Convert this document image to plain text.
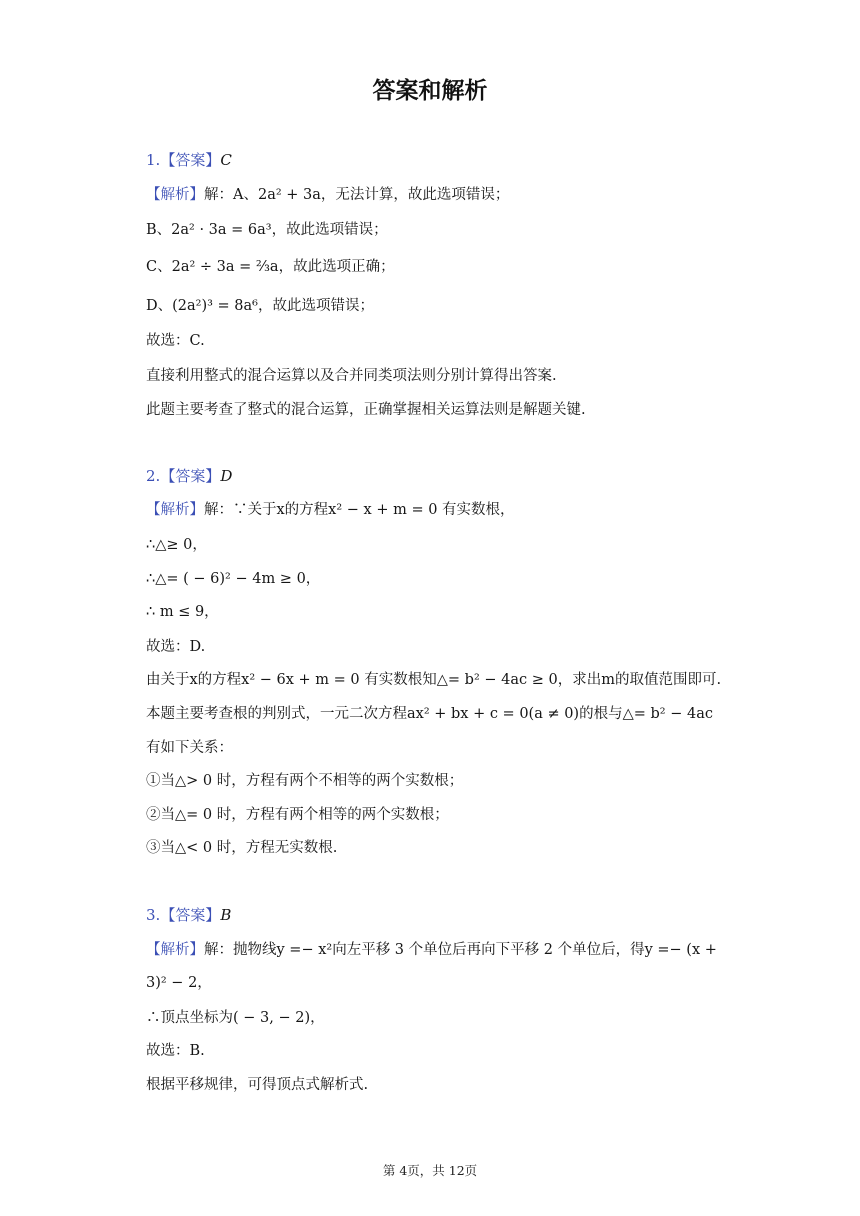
答案和解析
1.【答案】C
【解析】解：A、2a² + 3a，无法计算，故此选项错误；
B、2a² · 3a = 6a³，故此选项错误；
C、2a² ÷ 3a = ⅔a，故此选项正确；
D、(2a²)³ = 8a⁶，故此选项错误；
故选：C.
直接利用整式的混合运算以及合并同类项法则分别计算得出答案.
此题主要考查了整式的混合运算，正确掌握相关运算法则是解题关键.
2.【答案】D
【解析】解：∵关于x的方程x² − x + m = 0 有实数根，
∴△≥ 0，
∴△= ( − 6)² − 4m ≥ 0，
∴ m ≤ 9，
故选：D.
由关于x的方程x² − 6x + m = 0 有实数根知△= b² − 4ac ≥ 0，求出m的取值范围即可.
本题主要考查根的判别式，一元二次方程ax² + bx + c = 0(a ≠ 0)的根与△= b² − 4ac
有如下关系：
①当△> 0 时，方程有两个不相等的两个实数根；
②当△= 0 时，方程有两个相等的两个实数根；
③当△< 0 时，方程无实数根.
3.【答案】B
【解析】解：抛物线y =− x²向左平移 3 个单位后再向下平移 2 个单位后，得y =− (x +
3)² − 2，
∴顶点坐标为( − 3, − 2)，
故选：B.
根据平移规律，可得顶点式解析式.
第 4页，共 12页
